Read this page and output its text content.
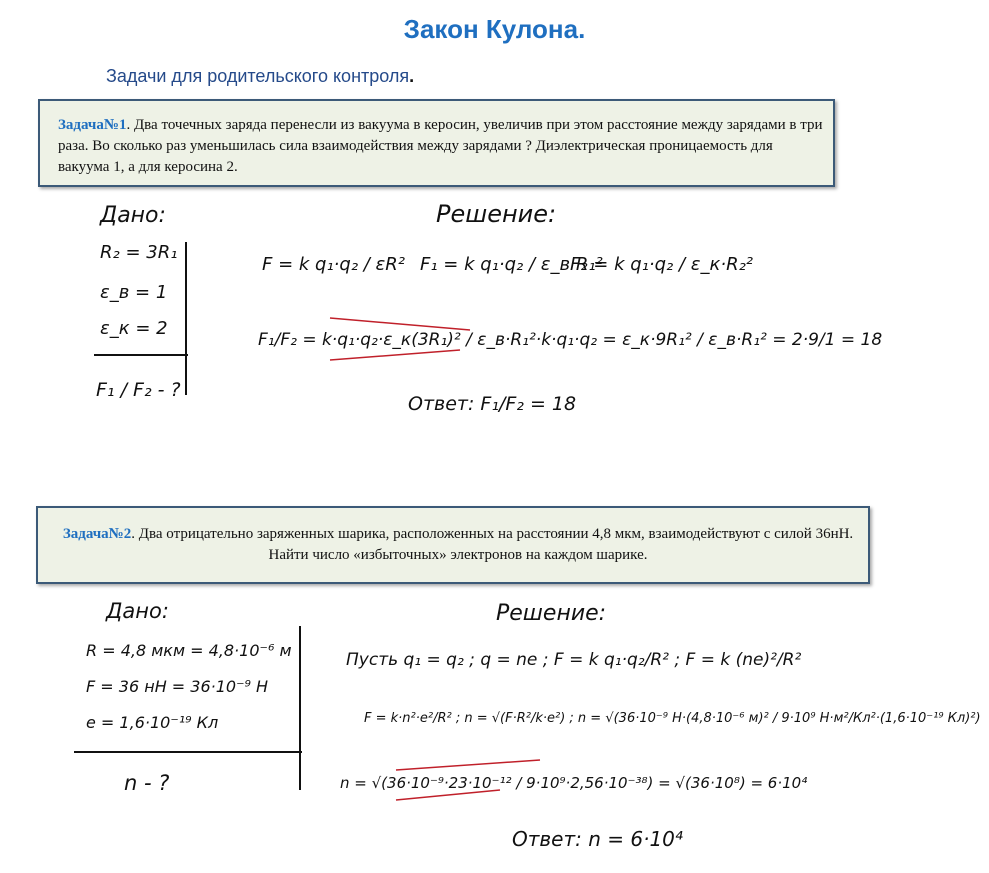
Закон Кулона.
Задачи для родительского контроля.
Задача№1. Два точечных заряда перенесли из вакуума в керосин, увеличив при этом расстояние между зарядами в три раза. Во сколько раз уменьшилась сила взаимодействия между зарядами ? Диэлектрическая проницаемость для вакуума 1, а для керосина 2.
Задача№2. Два отрицательно заряженных шарика, расположенных на расстоянии 4,8 мкм, взаимодействуют с силой 36нН. Найти число «избыточных» электронов на каждом шарике.
Дано:
R₂ = 3R₁
ε_в = 1
ε_к = 2
F₁ / F₂ - ?
Решение:
F = k q₁·q₂ / εR² F₁ = k q₁·q₂ / ε_в R₁²
F₂ = k q₁·q₂ / ε_к·R₂²
F₁/F₂ = k·q₁·q₂·ε_к(3R₁)² / ε_в·R₁²·k·q₁·q₂ = ε_к·9R₁² / ε_в·R₁² = 2·9/1 = 18
Ответ: F₁/F₂ = 18
Дано:
R = 4,8 мкм = 4,8·10⁻⁶ м
F = 36 нН = 36·10⁻⁹ Н
e = 1,6·10⁻¹⁹ Кл
n - ?
Решение:
Пусть q₁ = q₂ ; q = ne ; F = k q₁·q₂/R² ; F = k (ne)²/R²
F = k·n²·e²/R² ; n = √(F·R²/k·e²) ; n = √(36·10⁻⁹ Н·(4,8·10⁻⁶ м)² / 9·10⁹ Н·м²/Кл²·(1,6·10⁻¹⁹ Кл)²)
n = √(36·10⁻⁹·23·10⁻¹² / 9·10⁹·2,56·10⁻³⁸) = √(36·10⁸) = 6·10⁴
Ответ: n = 6·10⁴
